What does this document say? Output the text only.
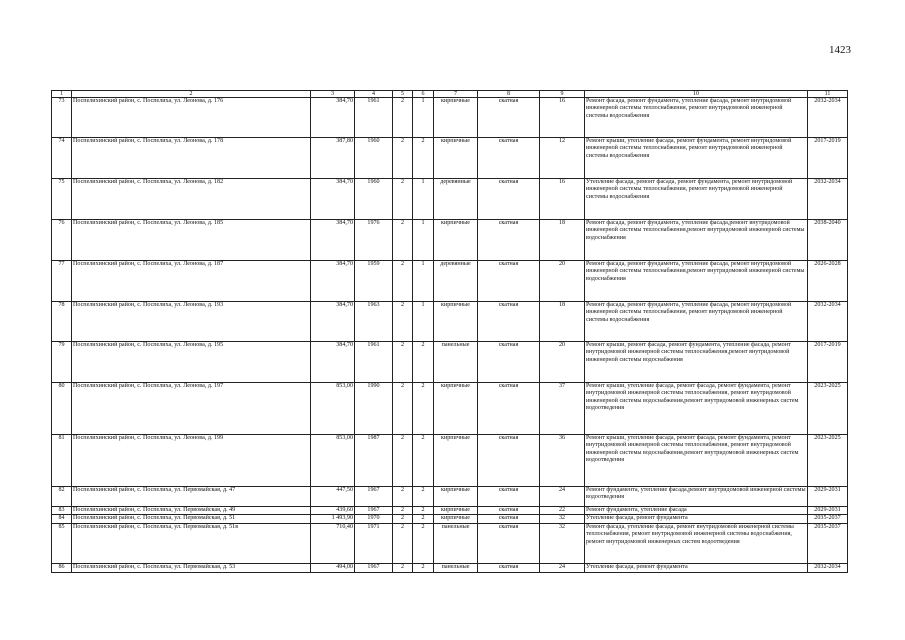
1423
1	2	3	4	5	6	7	8	9	10	11
73	Поспелихинский район, с. Поспелиха, ул. Леонова, д. 176	384,70	1961	2	1	кирпичные	скатная	16	Ремонт фасада, ремонт фундамента, утепление фасада, ремонт внутридомовой инженерной системы теплоснабжения, ремонт внутридомовой инженерной системы водоснабжения	2032-2034
74	Поспелихинский район, с. Поспелиха, ул. Леонова, д. 178	387,80	1960	2	2	кирпичные	скатная	12	Ремонт крыши, утепление фасада, ремонт фундамента, ремонт внутридомовой инженерной системы теплоснабжения, ремонт внутридомовой инженерной системы водоснабжения	2017-2019
75	Поспелихинский район, с. Поспелиха, ул. Леонова, д. 182	384,70	1960	2	1	деревянные	скатная	16	Утепление фасада, ремонт фасада, ремонт фундамента, ремонт внутридомовой инженерной системы теплоснабжения, ремонт внутридомовой инженерной системы водоснабжения	2032-2034
76	Поспелихинский район, с. Поспелиха, ул. Леонова, д. 185	384,70	1976	2	1	кирпичные	скатная	18	Ремонт фасада, ремонт фундамента, утепление фасада,ремонт внутридомовой инженерной системы теплоснабжения,ремонт внутридомовой инженерной системы водоснабжения	2038-2040
77	Поспелихинский район, с. Поспелиха, ул. Леонова, д. 187	384,70	1959	2	1	деревянные	скатная	20	Ремонт фасада, ремонт фундамента, утепление фасада, ремонт внутридомовой инженерной системы теплоснабжения,ремонт внутридомовой инженерной системы водоснабжения	2026-2028
78	Поспелихинский район, с. Поспелиха, ул. Леонова, д. 193	384,70	1963	2	1	кирпичные	скатная	18	Ремонт фасада, ремонт фундамента, утепление фасада, ремонт внутридомовой инженерной системы теплоснабжения, ремонт внутридомовой инженерной системы водоснабжения	2032-2034
79	Поспелихинский район, с. Поспелиха, ул. Леонова, д. 195	384,70	1961	2	2	панельные	скатная	20	Ремонт крыши, ремонт фасада, ремонт фундамента, утепление фасада, ремонт внутридомовой инженерной системы теплоснабжения,ремонт внутридомовой инженерной системы водоснабжения	2017-2019
80	Поспелихинский район, с. Поспелиха, ул. Леонова, д. 197	853,00	1990	2	2	кирпичные	скатная	37	Ремонт крыши, утепление фасада, ремонт фасада, ремонт фундамента, ремонт внутридомовой инженерной системы теплоснабжения, ремонт внутридомовой инженерной системы водоснабжения,ремонт внутридомовой инженерных систем водоотведения	2023-2025
81	Поспелихинский район, с. Поспелиха, ул. Леонова, д. 199	853,00	1987	2	2	кирпичные	скатная	36	Ремонт крыши, утепление фасада, ремонт фасада, ремонт фундамента, ремонт внутридомовой инженерной системы теплоснабжения, ремонт внутридомовой инженерной системы водоснабжения,ремонт внутридомовой инженерных систем водоотведения	2023-2025
82	Поспелихинский район, с. Поспелиха, ул. Первомайская, д. 47	447,50	1967	2	2	кирпичные	скатная	24	Ремонт фундамента, утепление фасада,ремонт внутридомовой инженерной системы водоотведения	2029-2031
83	Поспелихинский район, с. Поспелиха, ул. Первомайская, д. 49	439,60	1967	2	2	кирпичные	скатная	22	Ремонт фундамента, утепление фасада	2029-2031
84	Поспелихинский район, с. Поспелиха, ул. Первомайская, д. 51	1 493,90	1970	2	2	кирпичные	скатная	32	Утепление фасада, ремонт фундамента	2035-2037
85	Поспелихинский район, с. Поспелиха, ул. Первомайская, д. 51в	710,40	1971	2	2	панельные	скатная	32	Ремонт фасада, утепление фасада, ремонт внутридомовой инженерной системы теплоснабжения, ремонт внутридомовой инженерной системы водоснабжения, ремонт внутридомовой инженерных систем водоотведения	2035-2037
86	Поспелихинский район, с. Поспелиха, ул. Первомайская, д. 53	494,00	1967	2	2	панельные	скатная	24	Утепление фасада, ремонт фундамента	2032-2034
